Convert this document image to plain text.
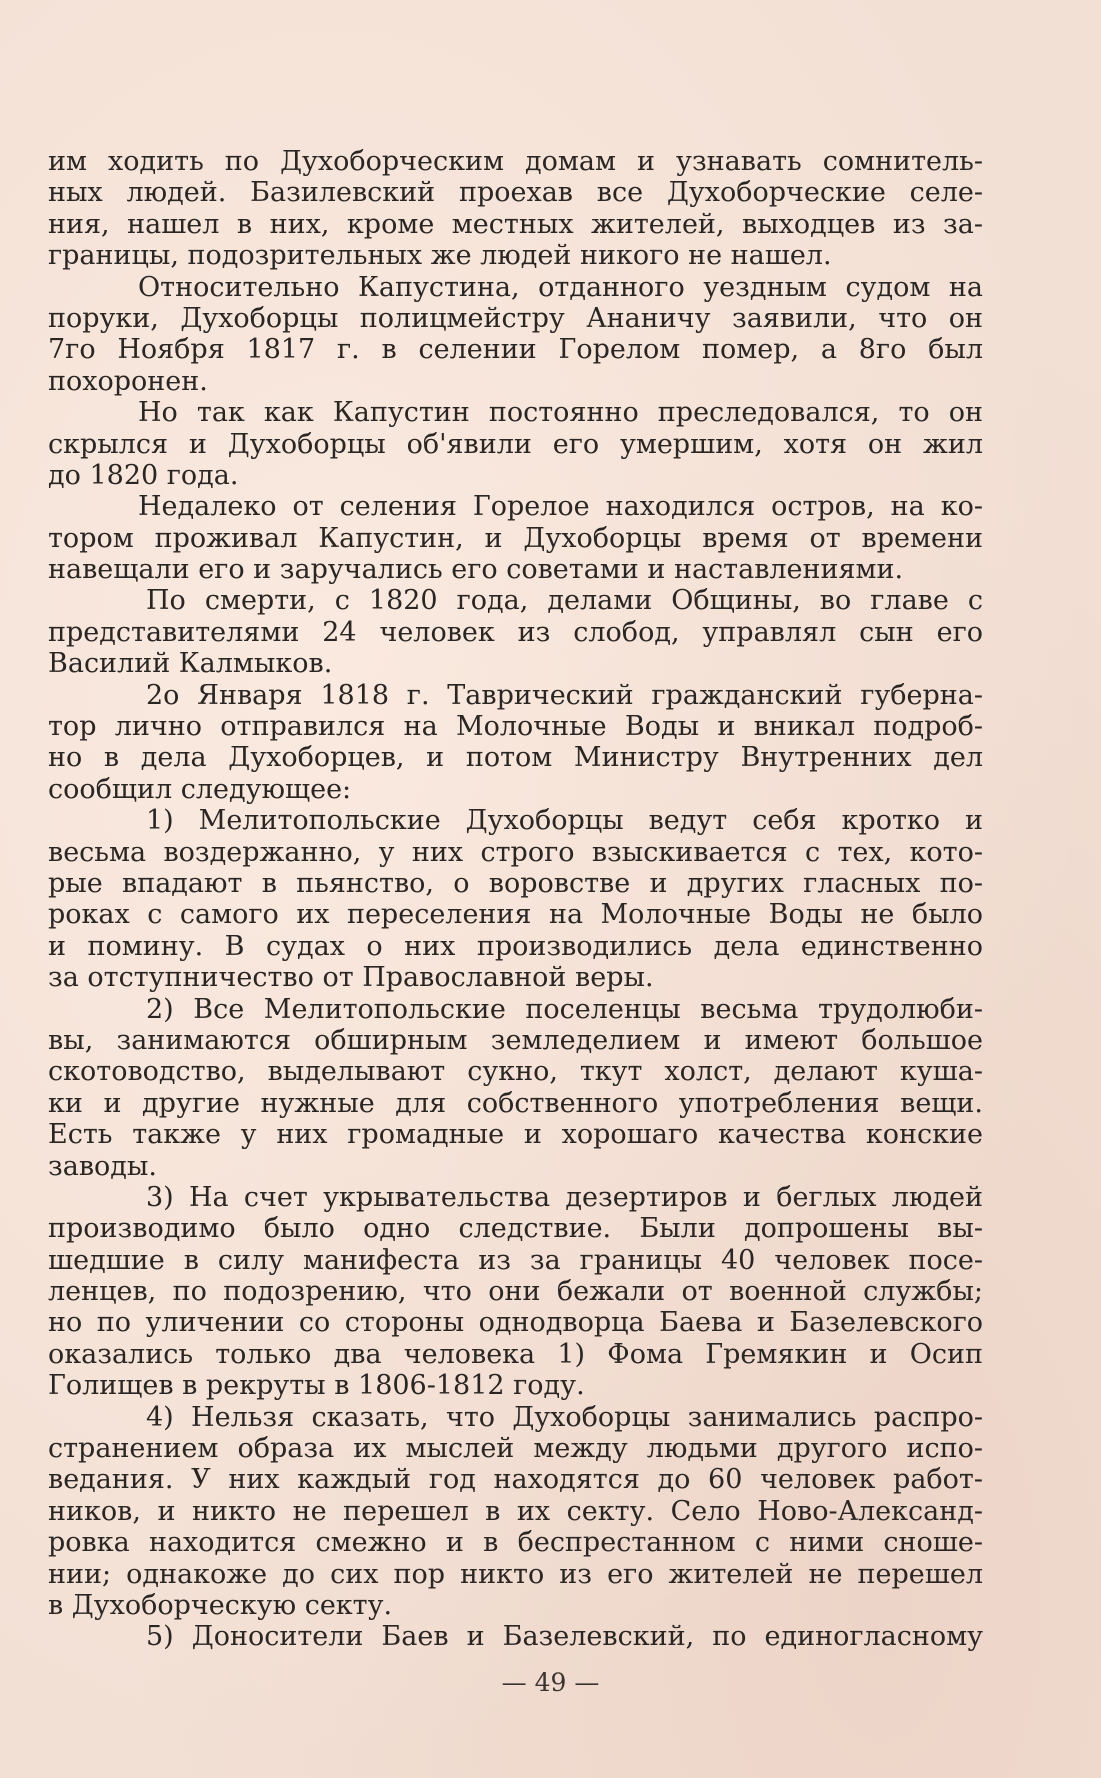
им ходить по Духоборческим домам и узнавать сомнитель-
ных людей. Базилевский проехав все Духоборческие селе-
ния, нашел в них, кроме местных жителей, выходцев из за-
границы, подозрительных же людей никого не нашел.
Относительно Капустина, отданного уездным судом на
поруки, Духоборцы полицмейстру Ананичу заявили, что он
7го Ноября 1817 г. в селении Горелом помер, а 8го был
похоронен.
Но так как Капустин постоянно преследовался, то он
скрылся и Духоборцы об'явили его умершим, хотя он жил
до 1820 года.
Недалеко от селения Горелое находился остров, на ко-
тором проживал Капустин, и Духоборцы время от времени
навещали его и заручались его советами и наставлениями.
По смерти, с 1820 года, делами Общины, во главе с
представителями 24 человек из слобод, управлял сын его
Василий Калмыков.
2о Января 1818 г. Таврический гражданский губерна-
тор лично отправился на Молочные Воды и вникал подроб-
но в дела Духоборцев, и потом Министру Внутренних дел
сообщил следующее:
1) Мелитопольские Духоборцы ведут себя кротко и
весьма воздержанно, у них строго взыскивается с тех, кото-
рые впадают в пьянство, о воровстве и других гласных по-
роках с самого их переселения на Молочные Воды не было
и помину. В судах о них производились дела единственно
за отступничество от Православной веры.
2) Все Мелитопольские поселенцы весьма трудолюби-
вы, занимаются обширным земледелием и имеют большое
скотоводство, выделывают сукно, ткут холст, делают куша-
ки и другие нужные для собственного употребления вещи.
Есть также у них громадные и хорошаго качества конские
заводы.
3) На счет укрывательства дезертиров и беглых людей
производимо было одно следствие. Были допрошены вы-
шедшие в силу манифеста из за границы 40 человек посе-
ленцев, по подозрению, что они бежали от военной службы;
но по уличении со стороны однодворца Баева и Базелевского
оказались только два человека 1) Фома Гремякин и Осип
Голищев в рекруты в 1806-1812 году.
4) Нельзя сказать, что Духоборцы занимались распро-
странением образа их мыслей между людьми другого испо-
ведания. У них каждый год находятся до 60 человек работ-
ников, и никто не перешел в их секту. Село Ново-Александ-
ровка находится смежно и в беспрестанном с ними сноше-
нии; однакоже до сих пор никто из его жителей не перешел
в Духоборческую секту.
5) Доносители Баев и Базелевский, по единогласному
— 49 —
